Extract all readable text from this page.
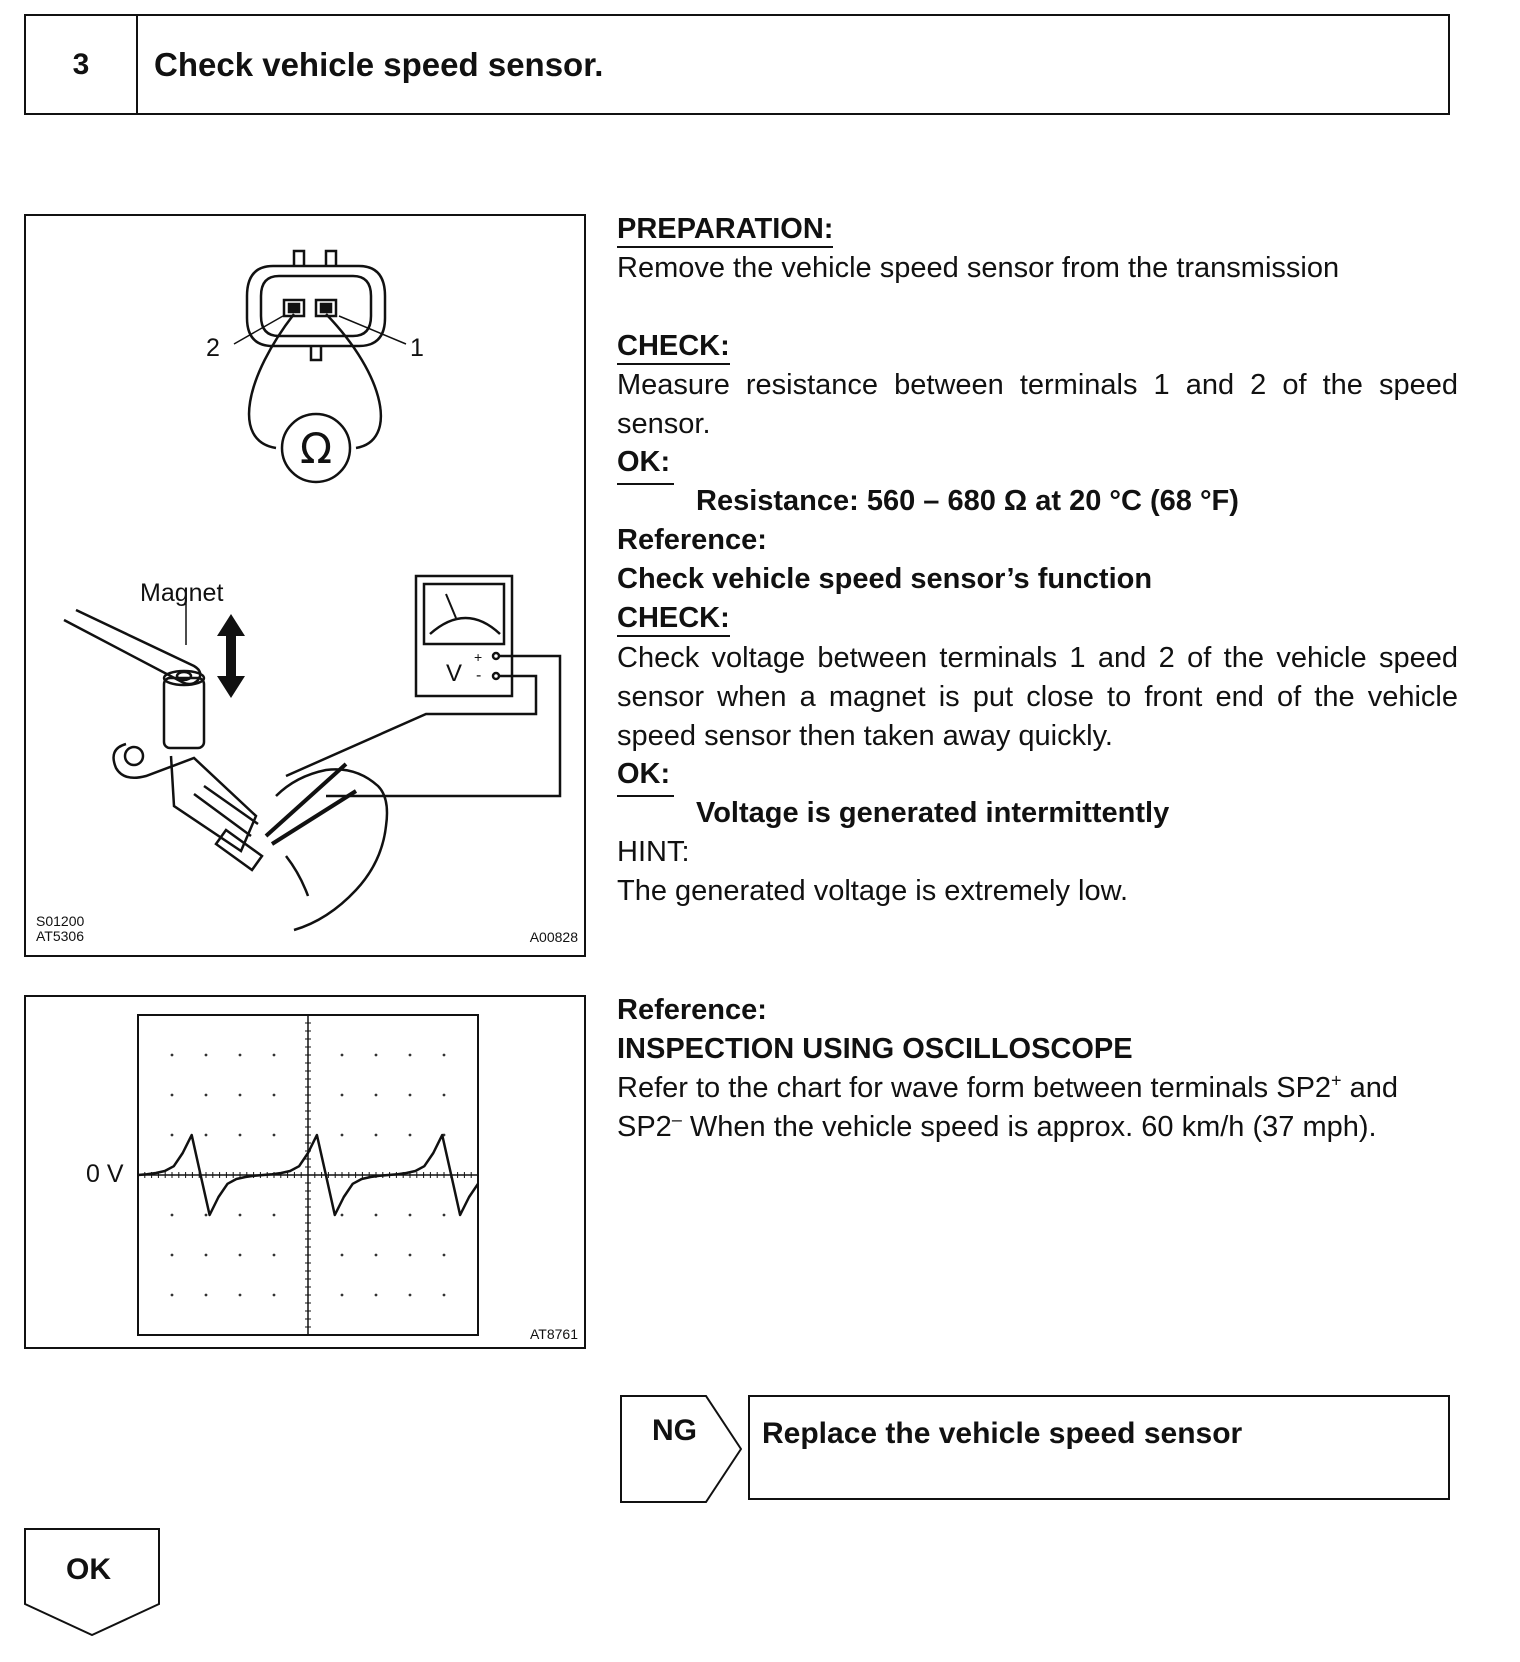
3	Check vehicle speed sensor.
2	1
Ω
Magnet
V
+
-
S01200
AT5306	A00828
0 V
AT8761
PREPARATION:
Remove the vehicle speed sensor from the transmission
CHECK:
Measure resistance between terminals 1 and 2 of the speed
sensor.
OK:
Resistance: 560 – 680 Ω at 20 °C (68 °F)
Reference:
Check vehicle speed sensor’s function
CHECK:
Check voltage between terminals 1 and 2 of the vehicle speed
sensor when a magnet is put close to front end of the vehicle
speed sensor then taken away quickly.
OK:
Voltage is generated intermittently
HINT:
The generated voltage is extremely low.
Reference:
INSPECTION USING OSCILLOSCOPE
Refer to the chart for wave form between terminals SP2+ and
SP2– When the vehicle speed is approx. 60 km/h (37 mph).
NG Replace the vehicle speed sensor
OK
